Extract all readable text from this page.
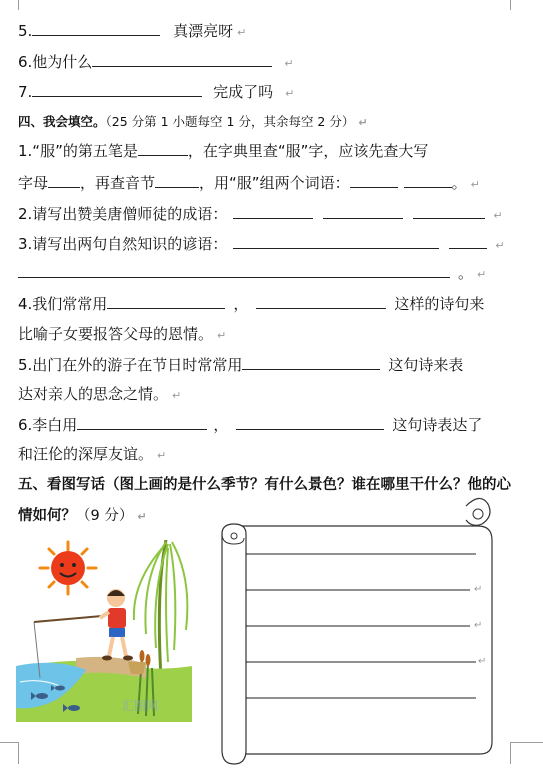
5.	真漂亮呀 ↵
6.他为什么	↵
7.	完成了吗 ↵
四、我会填空。（25 分第 1 小题每空 1 分，其余每空 2 分） ↵
1.“服”的第五笔是	，在字典里查“服”字，应该先查大写
字母 ，再查音节	，用“服”组两个词语：	。 ↵
2.请写出赞美唐僧师徒的成语：	↵
3.请写出两句自然知识的谚语：	↵
。 ↵
4.我们常常用	，	这样的诗句来
比喻子女要报答父母的恩情。 ↵
5.出门在外的游子在节日时常常用	这句诗来表
达对亲人的思念之情。 ↵
6.李白用	，	这句诗表达了
和汪伦的深厚友谊。 ↵
五、看图写话（图上画的是什么季节？有什么景色？谁在哪里干什么？他的心
情如何？（9 分） ↵
汇图网
↵
↵
↵
